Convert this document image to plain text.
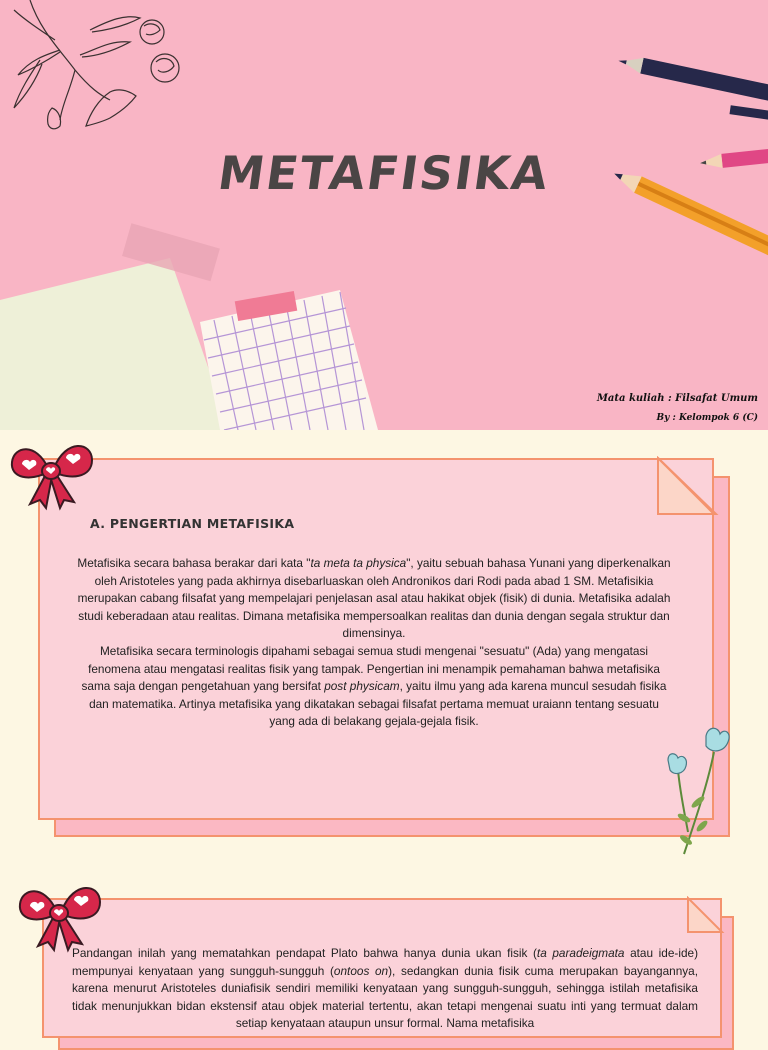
METAFISIKA
Mata kuliah : Filsafat Umum
By : Kelompok 6 (C)
A. PENGERTIAN METAFISIKA

Metafisika secara bahasa berakar dari kata "ta meta ta physica", yaitu sebuah bahasa Yunani yang diperkenalkan oleh Aristoteles yang pada akhirnya disebarluaskan oleh Andronikos dari Rodi pada abad 1 SM. Metafisikia merupakan cabang filsafat yang mempelajari penjelasan asal atau hakikat objek (fisik) di dunia. Metafisika adalah studi keberadaan atau realitas. Dimana metafisika mempersoalkan realitas dan dunia dengan segala struktur dan dimensinya.

Metafisika secara terminologis dipahami sebagai semua studi mengenai "sesuatu" (Ada) yang mengatasi fenomena atau mengatasi realitas fisik yang tampak. Pengertian ini menampik pemahaman bahwa metafisika sama saja dengan pengetahuan yang bersifat post physicam, yaitu ilmu yang ada karena muncul sesudah fisika dan matematika. Artinya metafisika yang dikatakan sebagai filsafat pertama memuat uraiann tentang sesuatu yang ada di belakang gejala-gejala fisik.

Pandangan inilah yang mematahkan pendapat Plato bahwa hanya dunia ukan fisik (ta paradeigmata atau ide-ide) mempunyai kenyataan yang sungguh-sungguh (ontoos on), sedangkan dunia fisik cuma merupakan bayangannya, karena menurut Aristoteles duniafisik sendiri memiliki kenyataan yang sungguh-sungguh, sehingga istilah metafisika tidak menunjukkan bidan ekstensif atau objek material tertentu, akan tetapi mengenai suatu inti yang termuat dalam setiap kenyataan ataupun unsur formal. Nama metafisika
